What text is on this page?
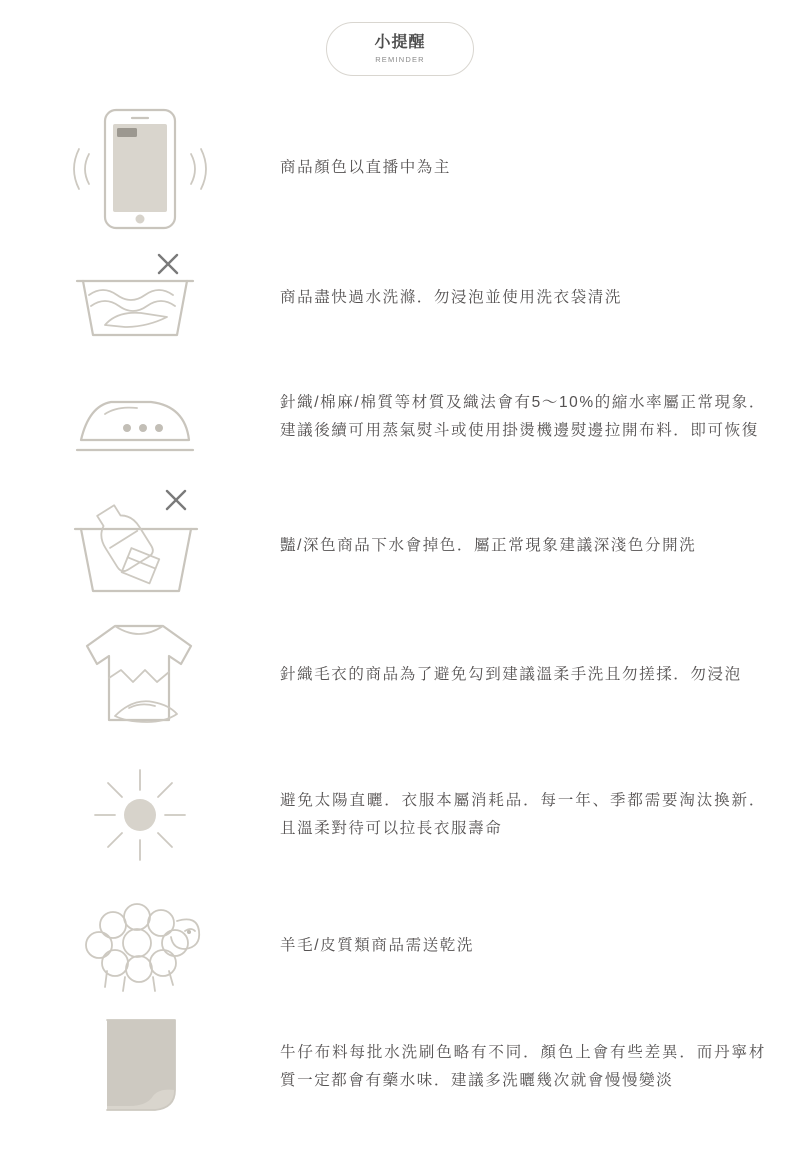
小提醒
REMINDER

商品顏色以直播中為主

商品盡快過水洗滌．勿浸泡並使用洗衣袋清洗

針織/棉麻/棉質等材質及織法會有5～10%的縮水率屬正常現象．建議後續可用蒸氣熨斗或使用掛燙機邊熨邊拉開布料．即可恢復

豔/深色商品下水會掉色．屬正常現象建議深淺色分開洗

針織毛衣的商品為了避免勾到建議溫柔手洗且勿搓揉．勿浸泡

避免太陽直曬．衣服本屬消耗品．每一年、季都需要淘汰換新．且溫柔對待可以拉長衣服壽命

羊毛/皮質類商品需送乾洗

牛仔布料每批水洗刷色略有不同．顏色上會有些差異．而丹寧材質一定都會有藥水味．建議多洗曬幾次就會慢慢變淡
